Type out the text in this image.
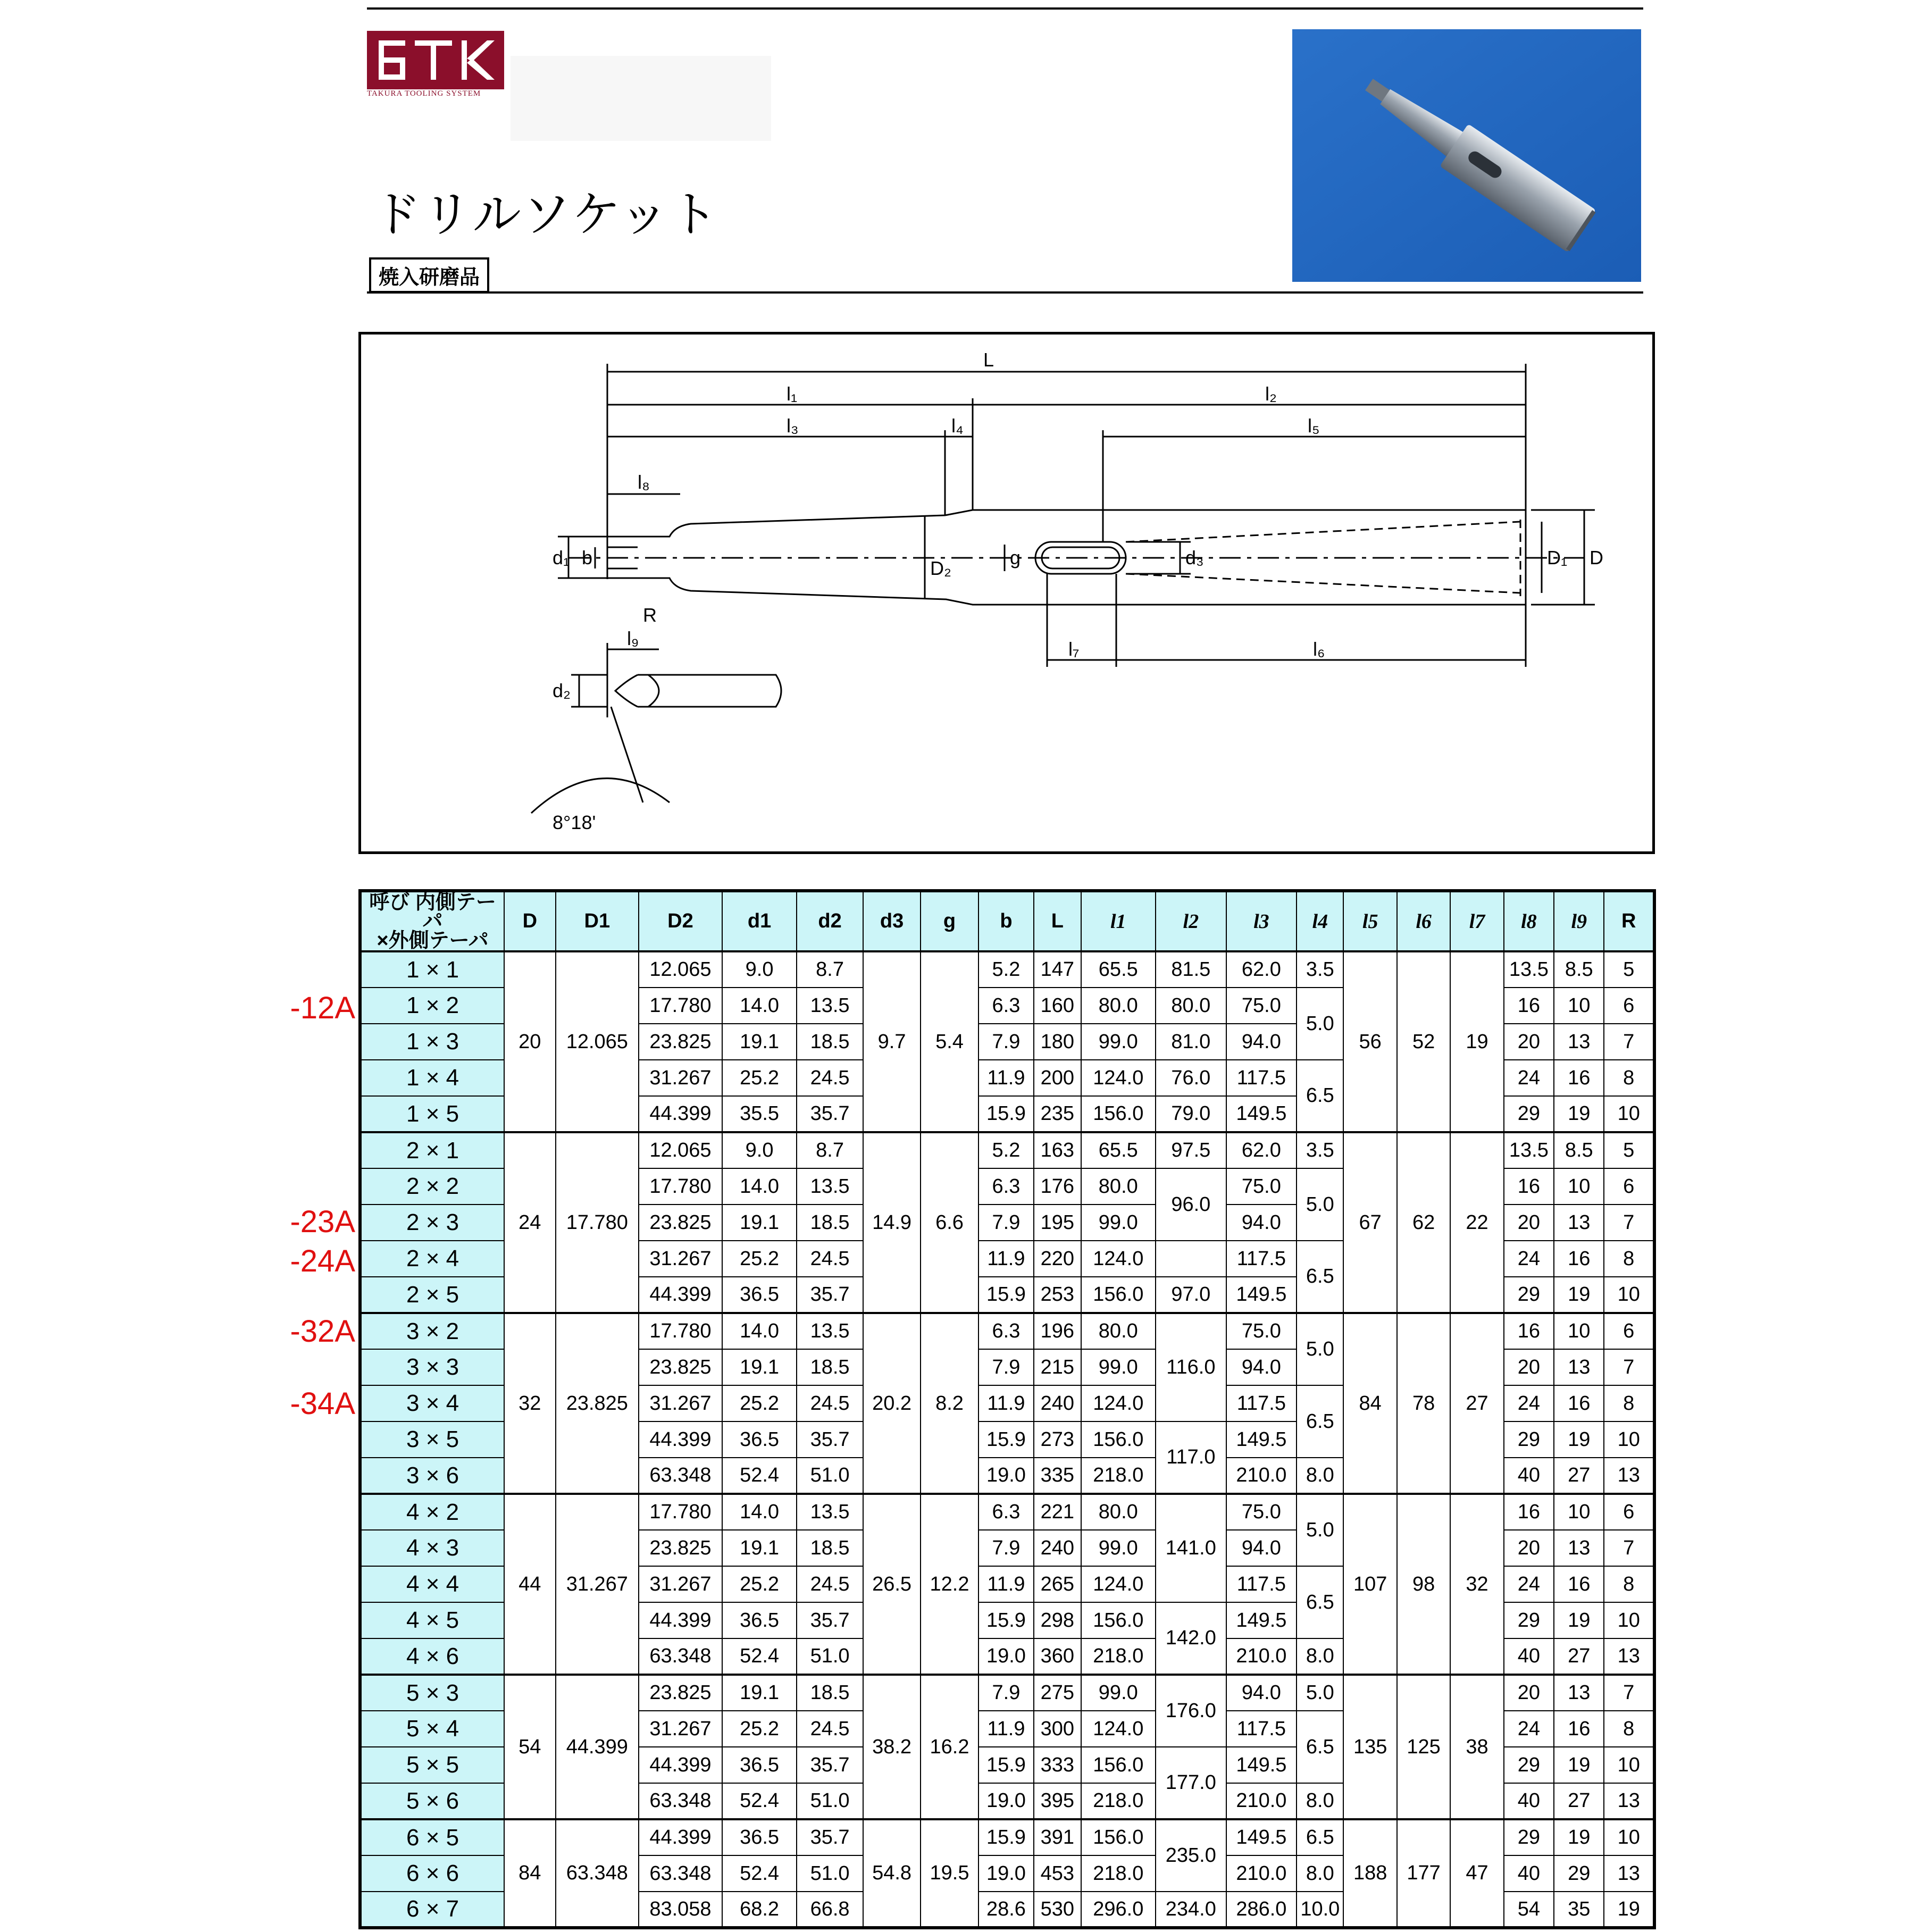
TAKURA TOOLING SYSTEM
ドリルソケット
焼入研磨品
L
l₁	l₂
l₃	l₄	l₅
l₈
d₁ b	D₂	g	d₃	D₁ D
R
l₇	l₆
l₉
d₂
8°18'
-12A
-23A
-24A
-32A
-34A
呼び 内側テーパ
×外側テーパ	D	D1	D2	d1	d2	d3	g	b	L	l1	l2	l3	l4	l5	l6	l7	l8	l9	R
1 × 1	20	12.065	12.065	9.0	8.7	9.7	5.4	5.2	147	65.5	81.5	62.0	3.5	56	52	19	13.5	8.5	5
1 × 2			17.780	14.0	13.5			6.3	160	80.0	80.0	75.0	5.0				16	10	6
1 × 3			23.825	19.1	18.5			7.9	180	99.0	81.0	94.0					20	13	7
1 × 4			31.267	25.2	24.5			11.9	200	124.0	76.0	117.5	6.5				24	16	8
1 × 5			44.399	35.5	35.7			15.9	235	156.0	79.0	149.5					29	19	10
2 × 1	24	17.780	12.065	9.0	8.7	14.9	6.6	5.2	163	65.5	97.5	62.0	3.5	67	62	22	13.5	8.5	5
2 × 2			17.780	14.0	13.5			6.3	176	80.0	96.0	75.0	5.0				16	10	6
2 × 3			23.825	19.1	18.5			7.9	195	99.0		94.0					20	13	7
2 × 4			31.267	25.2	24.5			11.9	220	124.0		117.5	6.5				24	16	8
2 × 5			44.399	36.5	35.7			15.9	253	156.0	97.0	149.5					29	19	10
3 × 2	32	23.825	17.780	14.0	13.5	20.2	8.2	6.3	196	80.0	116.0	75.0	5.0	84	78	27	16	10	6
3 × 3			23.825	19.1	18.5			7.9	215	99.0		94.0					20	13	7
3 × 4			31.267	25.2	24.5			11.9	240	124.0		117.5	6.5				24	16	8
3 × 5			44.399	36.5	35.7			15.9	273	156.0	117.0	149.5					29	19	10
3 × 6			63.348	52.4	51.0			19.0	335	218.0		210.0	8.0				40	27	13
4 × 2	44	31.267	17.780	14.0	13.5	26.5	12.2	6.3	221	80.0	141.0	75.0	5.0	107	98	32	16	10	6
4 × 3			23.825	19.1	18.5			7.9	240	99.0		94.0					20	13	7
4 × 4			31.267	25.2	24.5			11.9	265	124.0		117.5	6.5				24	16	8
4 × 5			44.399	36.5	35.7			15.9	298	156.0	142.0	149.5					29	19	10
4 × 6			63.348	52.4	51.0			19.0	360	218.0		210.0	8.0				40	27	13
5 × 3	54	44.399	23.825	19.1	18.5	38.2	16.2	7.9	275	99.0	176.0	94.0	5.0	135	125	38	20	13	7
5 × 4			31.267	25.2	24.5			11.9	300	124.0		117.5	6.5				24	16	8
5 × 5			44.399	36.5	35.7			15.9	333	156.0	177.0	149.5					29	19	10
5 × 6			63.348	52.4	51.0			19.0	395	218.0		210.0	8.0				40	27	13
6 × 5	84	63.348	44.399	36.5	35.7	54.8	19.5	15.9	391	156.0	235.0	149.5	6.5	188	177	47	29	19	10
6 × 6			63.348	52.4	51.0			19.0	453	218.0		210.0	8.0				40	29	13
6 × 7			83.058	68.2	66.8			28.6	530	296.0	234.0	286.0	10.0				54	35	19
